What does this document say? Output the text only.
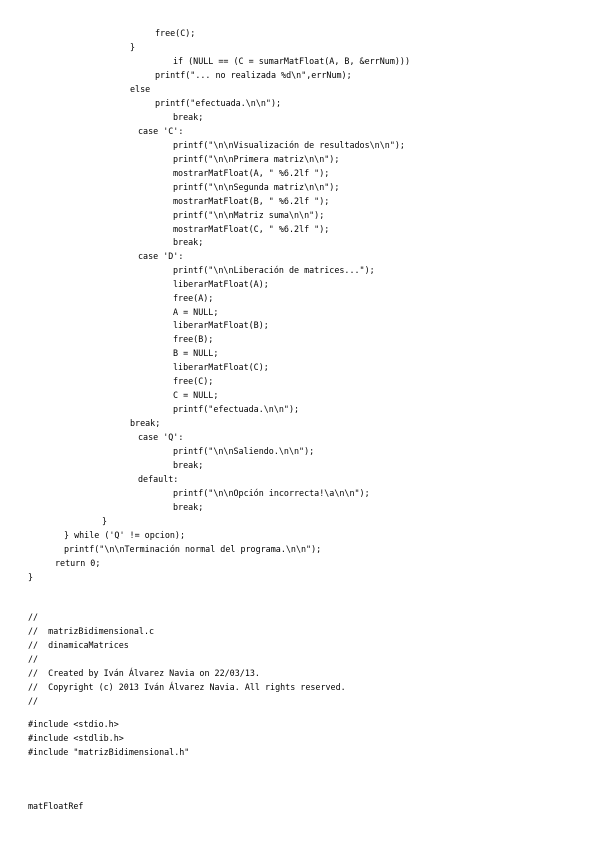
free(C);
}
if (NULL == (C = sumarMatFloat(A, B, &errNum)))
printf("... no realizada %d\n",errNum);
else
printf("efectuada.\n\n");
break;
case 'C':
printf("\n\nVisualización de resultados\n\n");
printf("\n\nPrimera matriz\n\n");
mostrarMatFloat(A, " %6.2lf ");
printf("\n\nSegunda matriz\n\n");
mostrarMatFloat(B, " %6.2lf ");
printf("\n\nMatriz suma\n\n");
mostrarMatFloat(C, " %6.2lf ");
break;
case 'D':
printf("\n\nLiberación de matrices...");
liberarMatFloat(A);
free(A);
A = NULL;
liberarMatFloat(B);
free(B);
B = NULL;
liberarMatFloat(C);
free(C);
C = NULL;
printf("efectuada.\n\n");
break;
case 'Q':
printf("\n\nSaliendo.\n\n");
break;
default:
printf("\n\nOpción incorrecta!\a\n\n");
break;
}
} while ('Q' != opcion);
printf("\n\nTerminación normal del programa.\n\n");
return 0;
}
//
//  matrizBidimensional.c
//  dinamicaMatrices
//
//  Created by Iván Álvarez Navia on 22/03/13.
//  Copyright (c) 2013 Iván Álvarez Navia. All rights reserved.
//
#include <stdio.h>
#include <stdlib.h>
#include "matrizBidimensional.h"
matFloatRef
